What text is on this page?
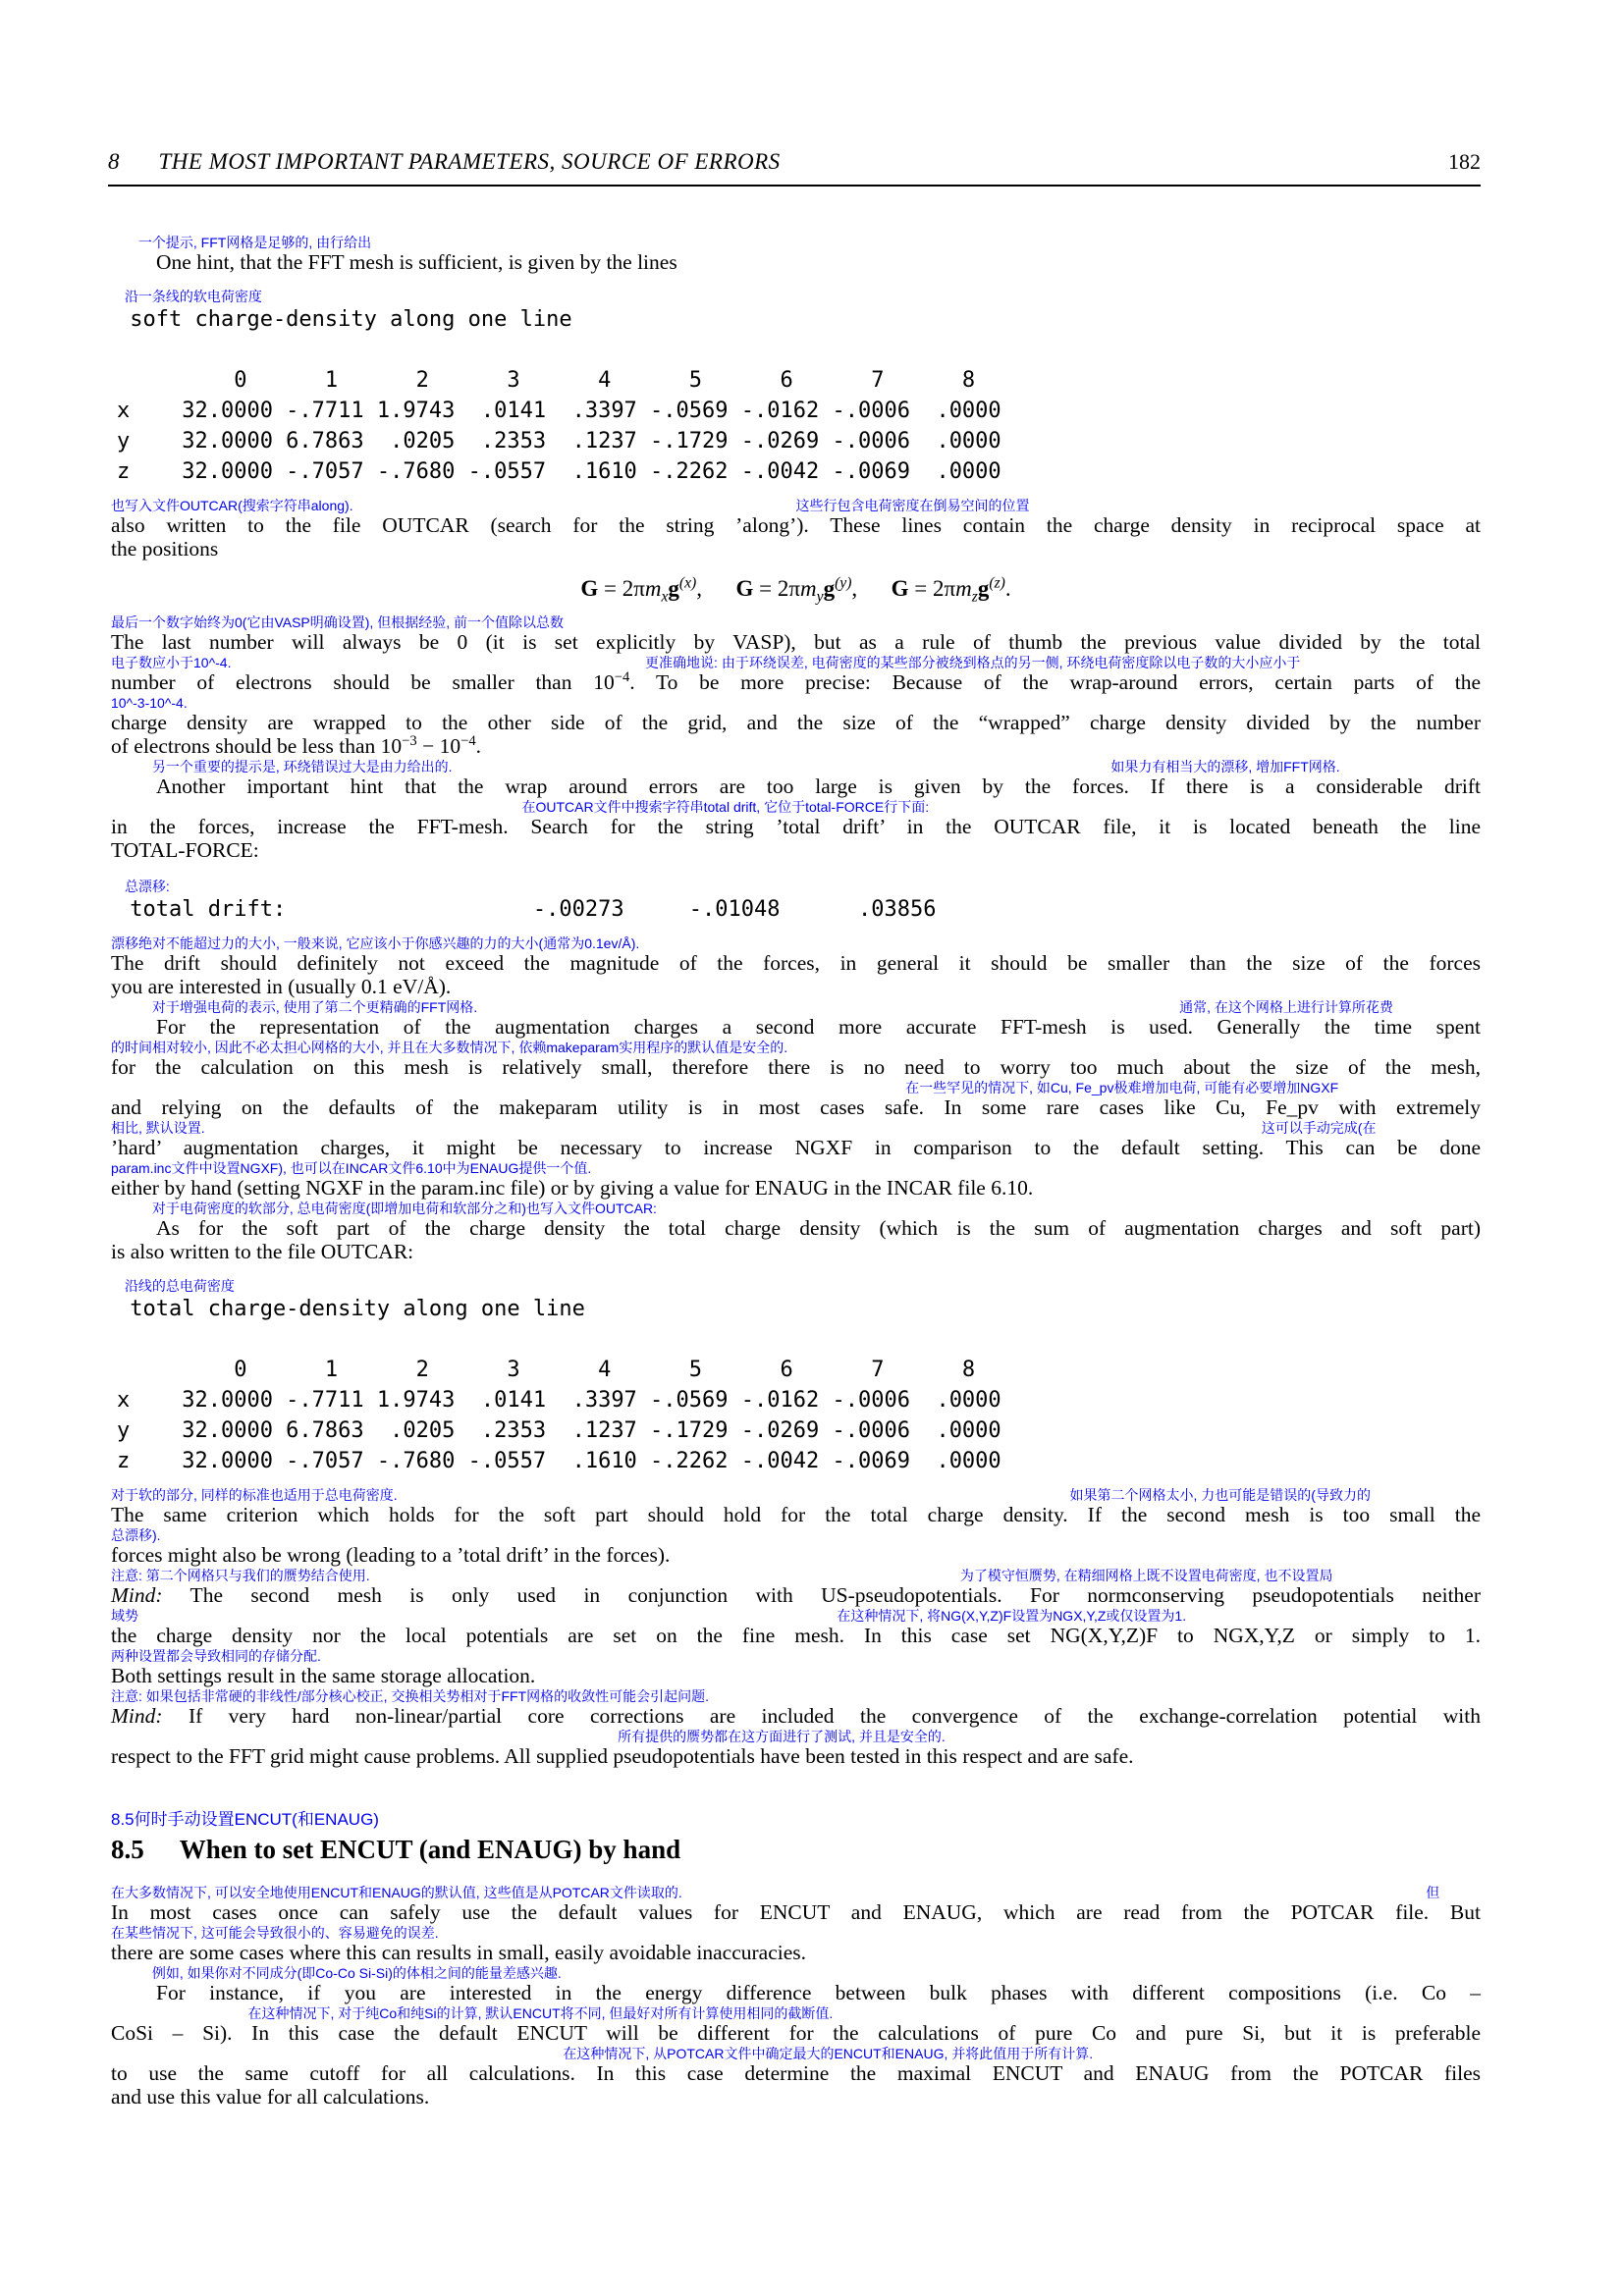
8 THE MOST IMPORTANT PARAMETERS, SOURCE OF ERRORS	182
一个提示, FFT网格是足够的, 由行给出
One hint, that the FFT mesh is sufficient, is given by the lines
沿一条线的软电荷密度
soft charge-density along one line
0      1      2      3      4      5      6      7      8
x    32.0000 -.7711 1.9743  .0141  .3397 -.0569 -.0162 -.0006  .0000
y    32.0000 6.7863  .0205  .2353  .1237 -.1729 -.0269 -.0006  .0000
z    32.0000 -.7057 -.7680 -.0557  .1610 -.2262 -.0042 -.0069  .0000
也写入文件OUTCAR(搜索字符串along).	这些行包含电荷密度在倒易空间的位置
also written to the file OUTCAR (search for the string ’along’). These lines contain the charge density in reciprocal space at
the positions
$G = 2\pi m_xg^{(x)}$,      $G = 2\pi m_yg^{(y)}$,      $G = 2\pi m_zg^{(z)}$.
最后一个数字始终为0(它由VASP明确设置), 但根据经验, 前一个值除以总数
The last number will always be 0 (it is set explicitly by VASP), but as a rule of thumb the previous value divided by the total
电子数应小于10^-4.	更准确地说: 由于环绕误差, 电荷密度的某些部分被绕到格点的另一侧, 环绕电荷密度除以电子数的大小应小于
number of electrons should be smaller than $10^{-4}$. To be more precise: Because of the wrap-around errors, certain parts of the
10^-3-10^-4.
charge density are wrapped to the other side of the grid, and the size of the “wrapped” charge density divided by the number
of electrons should be less than $10^{-3} - 10^{-4}$.
另一个重要的提示是, 环绕错误过大是由力给出的.	如果力有相当大的漂移, 增加FFT网格.
Another important hint that the wrap around errors are too large is given by the forces. If there is a considerable drift
在OUTCAR文件中搜索字符串total drift, 它位于total-FORCE行下面:
in the forces, increase the FFT-mesh. Search for the string ’total drift’ in the OUTCAR file, it is located beneath the line
TOTAL-FORCE:
总漂移:
total drift:                   -.00273     -.01048      .03856
漂移绝对不能超过力的大小, 一般来说, 它应该小于你感兴趣的力的大小(通常为0.1ev/Å).
The drift should definitely not exceed the magnitude of the forces, in general it should be smaller than the size of the forces
you are interested in (usually 0.1 eV/Å).
对于增强电荷的表示, 使用了第二个更精确的FFT网格.	通常, 在这个网格上进行计算所花费
For the representation of the augmentation charges a second more accurate FFT-mesh is used. Generally the time spent
的时间相对较小, 因此不必太担心网格的大小, 并且在大多数情况下, 依赖makeparam实用程序的默认值是安全的.
for the calculation on this mesh is relatively small, therefore there is no need to worry too much about the size of the mesh,
在一些罕见的情况下, 如Cu, Fe_pv极难增加电荷, 可能有必要增加NGXF
and relying on the defaults of the makeparam utility is in most cases safe. In some rare cases like Cu, Fe_pv with extremely
相比, 默认设置.	这可以手动完成(在
’hard’ augmentation charges, it might be necessary to increase NGXF in comparison to the default setting. This can be done
param.inc文件中设置NGXF), 也可以在INCAR文件6.10中为ENAUG提供一个值.
either by hand (setting NGXF in the param.inc file) or by giving a value for ENAUG in the INCAR file 6.10.
对于电荷密度的软部分, 总电荷密度(即增加电荷和软部分之和)也写入文件OUTCAR:
As for the soft part of the charge density the total charge density (which is the sum of augmentation charges and soft part)
is also written to the file OUTCAR:
沿线的总电荷密度
total charge-density along one line
0      1      2      3      4      5      6      7      8
x    32.0000 -.7711 1.9743  .0141  .3397 -.0569 -.0162 -.0006  .0000
y    32.0000 6.7863  .0205  .2353  .1237 -.1729 -.0269 -.0006  .0000
z    32.0000 -.7057 -.7680 -.0557  .1610 -.2262 -.0042 -.0069  .0000
对于软的部分, 同样的标准也适用于总电荷密度.	如果第二个网格太小, 力也可能是错误的(导致力的
The same criterion which holds for the soft part should hold for the total charge density. If the second mesh is too small the
总漂移).
forces might also be wrong (leading to a ’total drift’ in the forces).
注意: 第二个网格只与我们的赝势结合使用.	为了模守恒赝势, 在精细网格上既不设置电荷密度, 也不设置局
Mind: The second mesh is only used in conjunction with US-pseudopotentials. For normconserving pseudopotentials neither
域势	在这种情况下, 将NG(X,Y,Z)F设置为NGX,Y,Z或仅设置为1.
the charge density nor the local potentials are set on the fine mesh. In this case set NG(X,Y,Z)F to NGX,Y,Z or simply to 1.
两种设置都会导致相同的存储分配.
Both settings result in the same storage allocation.
注意: 如果包括非常硬的非线性/部分核心校正, 交换相关势相对于FFT网格的收敛性可能会引起问题.
Mind: If very hard non-linear/partial core corrections are included the convergence of the exchange-correlation potential with
所有提供的赝势都在这方面进行了测试, 并且是安全的.
respect to the FFT grid might cause problems. All supplied pseudopotentials have been tested in this respect and are safe.
8.5何时手动设置ENCUT(和ENAUG)
8.5 When to set ENCUT (and ENAUG) by hand
在大多数情况下, 可以安全地使用ENCUT和ENAUG的默认值, 这些值是从POTCAR文件读取的.	但
In most cases once can safely use the default values for ENCUT and ENAUG, which are read from the POTCAR file. But
在某些情况下, 这可能会导致很小的、容易避免的误差.
there are some cases where this can results in small, easily avoidable inaccuracies.
例如, 如果你对不同成分(即Co-Co Si-Si)的体相之间的能量差感兴趣.
For instance, if you are interested in the energy difference between bulk phases with different compositions (i.e. Co –
在这种情况下, 对于纯Co和纯Si的计算, 默认ENCUT将不同, 但最好对所有计算使用相同的截断值.
CoSi – Si). In this case the default ENCUT will be different for the calculations of pure Co and pure Si, but it is preferable
在这种情况下, 从POTCAR文件中确定最大的ENCUT和ENAUG, 并将此值用于所有计算.
to use the same cutoff for all calculations. In this case determine the maximal ENCUT and ENAUG from the POTCAR files
and use this value for all calculations.
